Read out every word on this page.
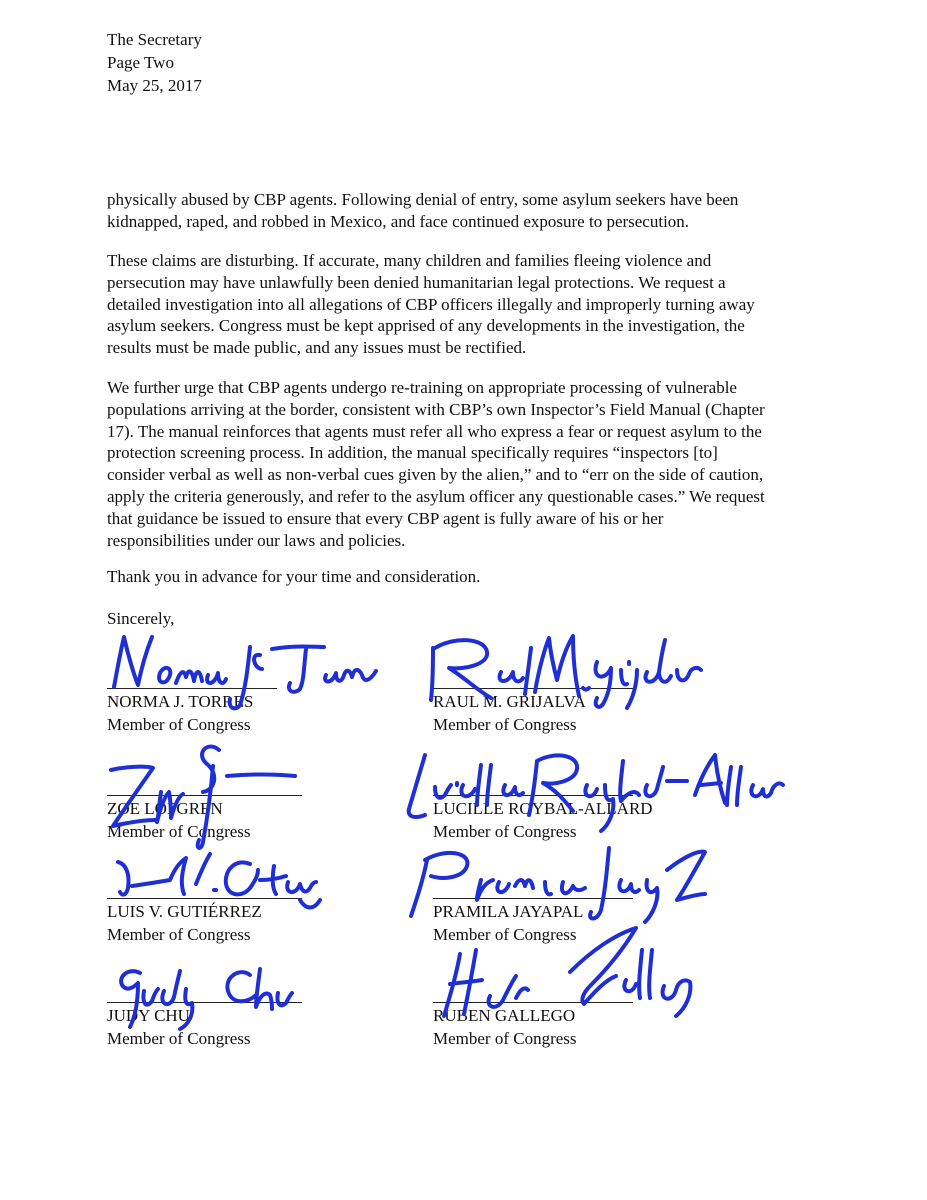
The Secretary
Page Two
May 25, 2017
physically abused by CBP agents. Following denial of entry, some asylum seekers have been
kidnapped, raped, and robbed in Mexico, and face continued exposure to persecution.
These claims are disturbing. If accurate, many children and families fleeing violence and
persecution may have unlawfully been denied humanitarian legal protections. We request a
detailed investigation into all allegations of CBP officers illegally and improperly turning away
asylum seekers. Congress must be kept apprised of any developments in the investigation, the
results must be made public, and any issues must be rectified.
We further urge that CBP agents undergo re-training on appropriate processing of vulnerable
populations arriving at the border, consistent with CBP’s own Inspector’s Field Manual (Chapter
17). The manual reinforces that agents must refer all who express a fear or request asylum to the
protection screening process. In addition, the manual specifically requires “inspectors [to]
consider verbal as well as non-verbal cues given by the alien,” and to “err on the side of caution,
apply the criteria generously, and refer to the asylum officer any questionable cases.” We request
that guidance be issued to ensure that every CBP agent is fully aware of his or her
responsibilities under our laws and policies.
Thank you in advance for your time and consideration.
Sincerely,
NORMA J. TORRES
Member of Congress
ZOE LOFGREN
Member of Congress
LUIS V. GUTIÉRREZ
Member of Congress
JUDY CHU
Member of Congress
RAUL M. GRIJALVA
Member of Congress
LUCILLE ROYBAL-ALLARD
Member of Congress
PRAMILA JAYAPAL
Member of Congress
RUBEN GALLEGO
Member of Congress
